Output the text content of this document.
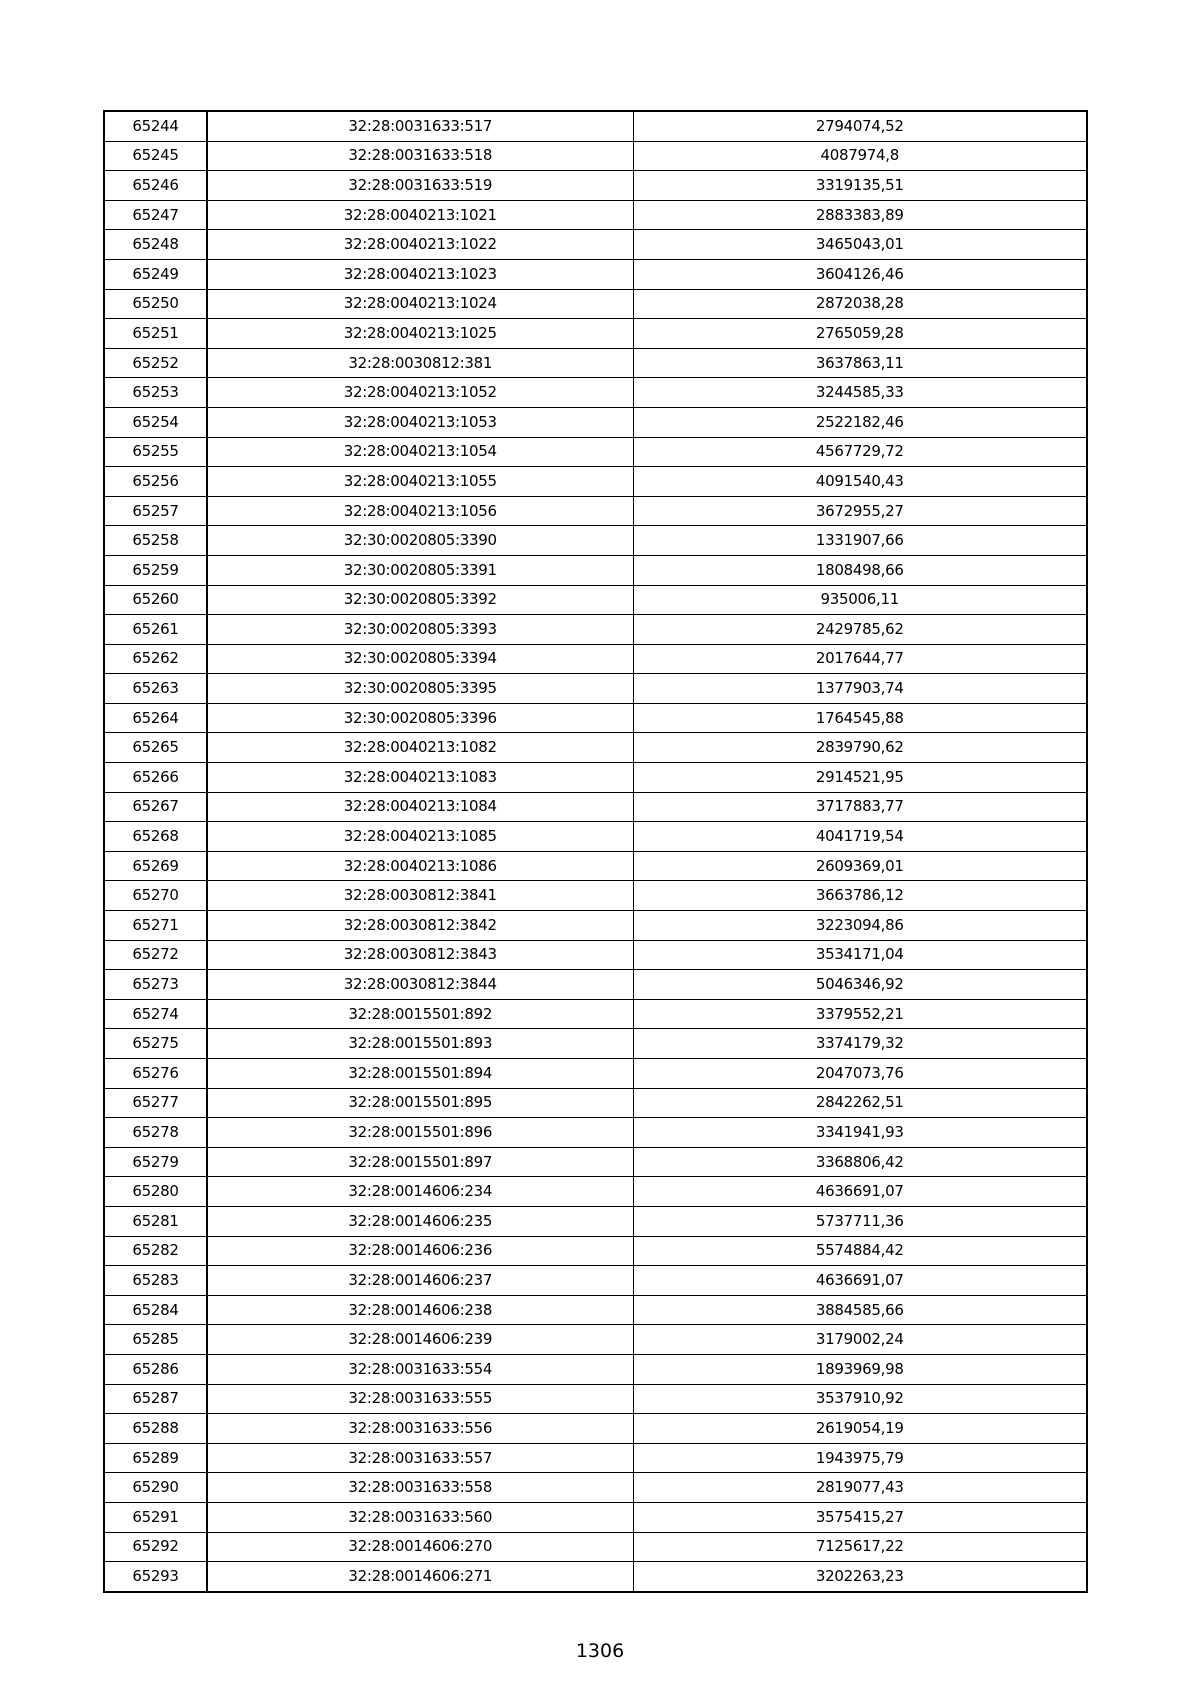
65244	32:28:0031633:517	2794074,52
65245	32:28:0031633:518	4087974,8
65246	32:28:0031633:519	3319135,51
65247	32:28:0040213:1021	2883383,89
65248	32:28:0040213:1022	3465043,01
65249	32:28:0040213:1023	3604126,46
65250	32:28:0040213:1024	2872038,28
65251	32:28:0040213:1025	2765059,28
65252	32:28:0030812:381	3637863,11
65253	32:28:0040213:1052	3244585,33
65254	32:28:0040213:1053	2522182,46
65255	32:28:0040213:1054	4567729,72
65256	32:28:0040213:1055	4091540,43
65257	32:28:0040213:1056	3672955,27
65258	32:30:0020805:3390	1331907,66
65259	32:30:0020805:3391	1808498,66
65260	32:30:0020805:3392	935006,11
65261	32:30:0020805:3393	2429785,62
65262	32:30:0020805:3394	2017644,77
65263	32:30:0020805:3395	1377903,74
65264	32:30:0020805:3396	1764545,88
65265	32:28:0040213:1082	2839790,62
65266	32:28:0040213:1083	2914521,95
65267	32:28:0040213:1084	3717883,77
65268	32:28:0040213:1085	4041719,54
65269	32:28:0040213:1086	2609369,01
65270	32:28:0030812:3841	3663786,12
65271	32:28:0030812:3842	3223094,86
65272	32:28:0030812:3843	3534171,04
65273	32:28:0030812:3844	5046346,92
65274	32:28:0015501:892	3379552,21
65275	32:28:0015501:893	3374179,32
65276	32:28:0015501:894	2047073,76
65277	32:28:0015501:895	2842262,51
65278	32:28:0015501:896	3341941,93
65279	32:28:0015501:897	3368806,42
65280	32:28:0014606:234	4636691,07
65281	32:28:0014606:235	5737711,36
65282	32:28:0014606:236	5574884,42
65283	32:28:0014606:237	4636691,07
65284	32:28:0014606:238	3884585,66
65285	32:28:0014606:239	3179002,24
65286	32:28:0031633:554	1893969,98
65287	32:28:0031633:555	3537910,92
65288	32:28:0031633:556	2619054,19
65289	32:28:0031633:557	1943975,79
65290	32:28:0031633:558	2819077,43
65291	32:28:0031633:560	3575415,27
65292	32:28:0014606:270	7125617,22
65293	32:28:0014606:271	3202263,23
1306
